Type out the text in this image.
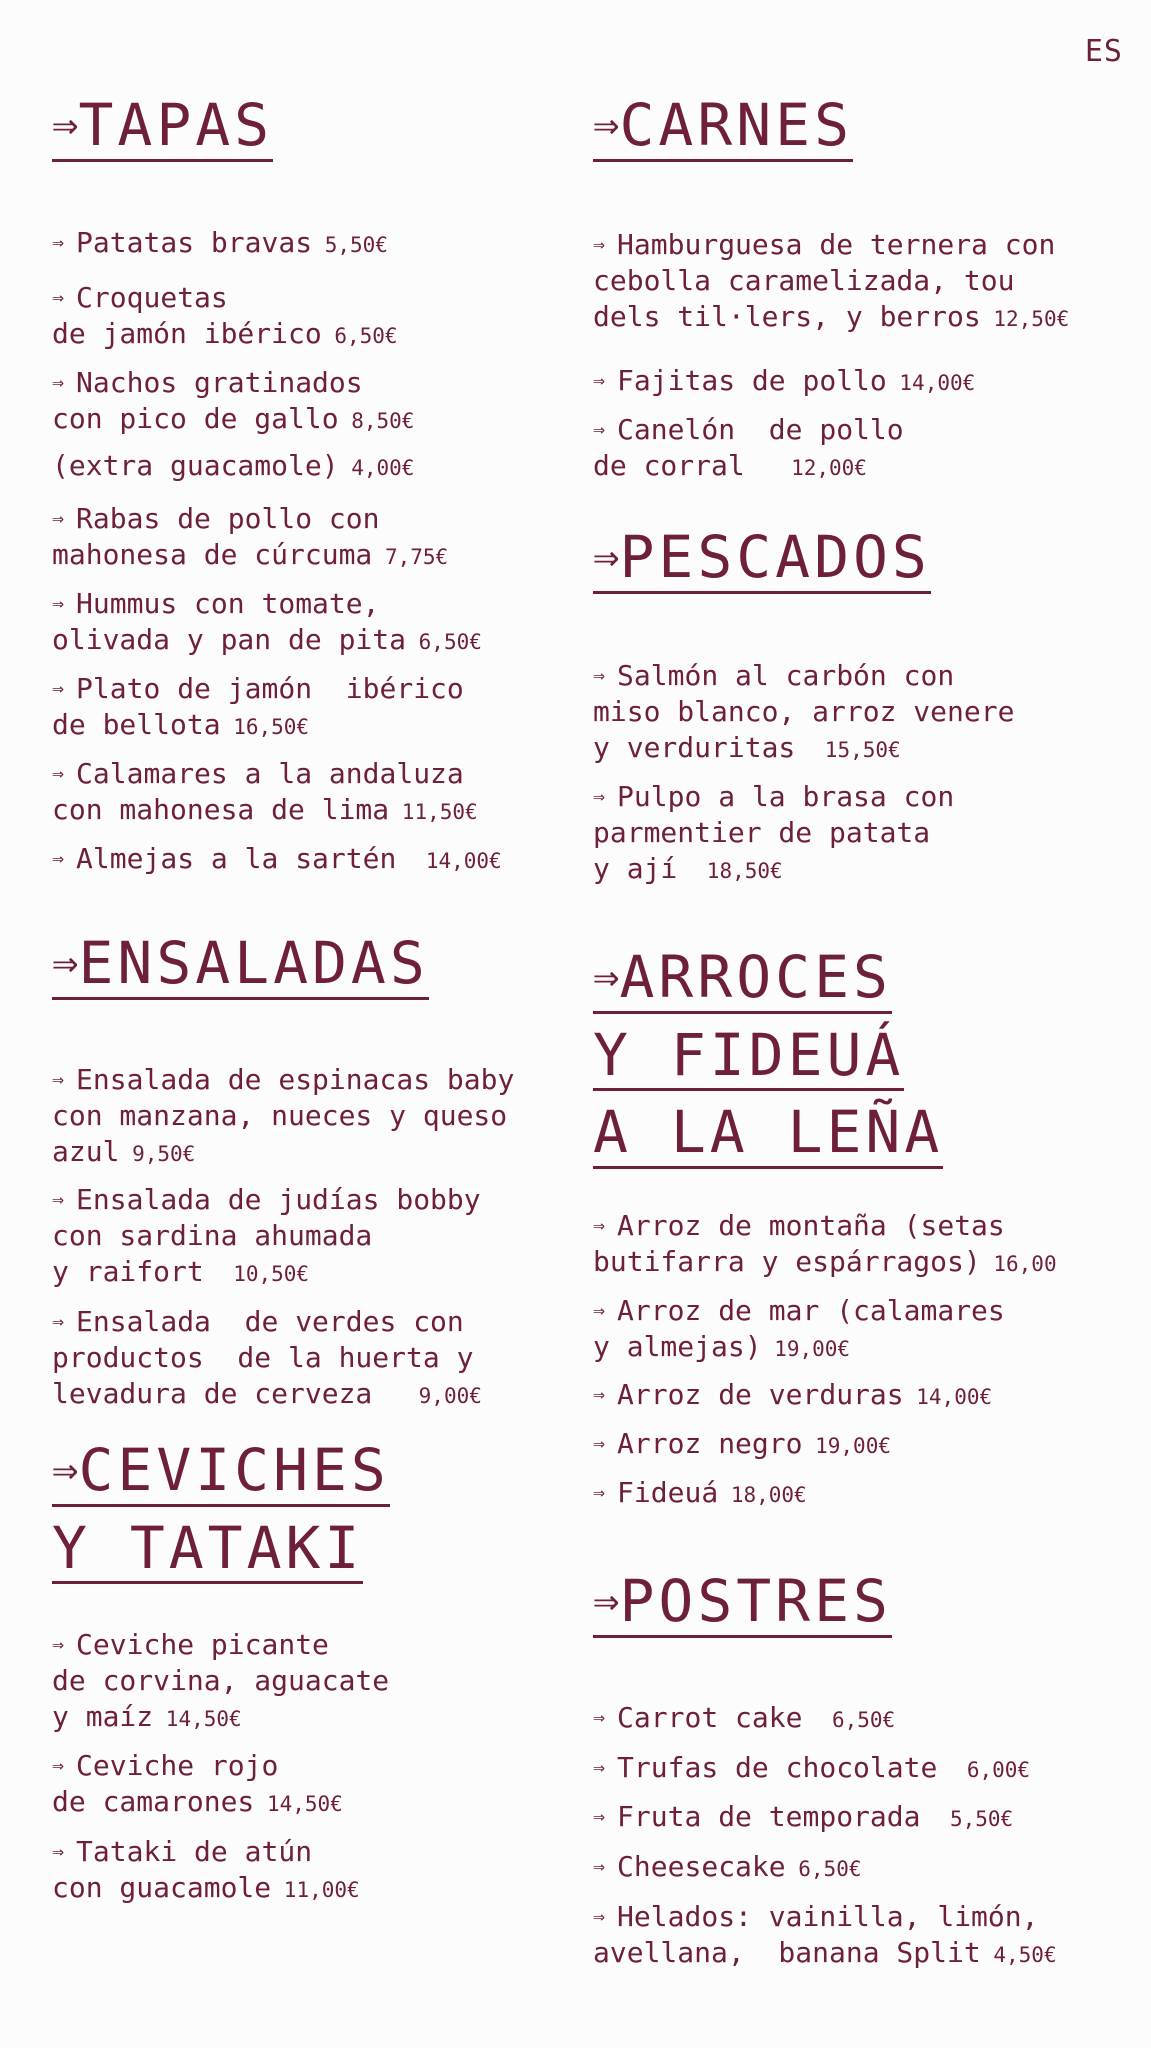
ES
⇒TAPAS
⇒ Patatas bravas 5,50€
⇒ Croquetas
de jamón ibérico 6,50€
⇒ Nachos gratinados
con pico de gallo 8,50€
(extra guacamole) 4,00€
⇒ Rabas de pollo con
mahonesa de cúrcuma 7,75€
⇒ Hummus con tomate,
olivada y pan de pita 6,50€
⇒ Plato de jamón  ibérico
de bellota 16,50€
⇒ Calamares a la andaluza
con mahonesa de lima 11,50€
⇒ Almejas a la sartén  14,00€
⇒ENSALADAS
⇒ Ensalada de espinacas baby
con manzana, nueces y queso
azul 9,50€
⇒ Ensalada de judías bobby
con sardina ahumada
y raifort  10,50€
⇒ Ensalada  de verdes con
productos  de la huerta y
levadura de cerveza   9,00€
⇒CEVICHES
Y TATAKI
⇒ Ceviche picante
de corvina, aguacate
y maíz 14,50€
⇒ Ceviche rojo
de camarones 14,50€
⇒ Tataki de atún
con guacamole 11,00€
⇒CARNES
⇒ Hamburguesa de ternera con
cebolla caramelizada, tou
dels til·lers, y berros 12,50€
⇒ Fajitas de pollo 14,00€
⇒ Canelón  de pollo
de corral   12,00€
⇒PESCADOS
⇒ Salmón al carbón con
miso blanco, arroz venere
y verduritas  15,50€
⇒ Pulpo a la brasa con
parmentier de patata
y ají  18,50€
⇒ARROCES
Y FIDEUÁ
A LA LEÑA
⇒ Arroz de montaña (setas
butifarra y espárragos) 16,00
⇒ Arroz de mar (calamares
y almejas) 19,00€
⇒ Arroz de verduras 14,00€
⇒ Arroz negro 19,00€
⇒ Fideuá 18,00€
⇒POSTRES
⇒ Carrot cake  6,50€
⇒ Trufas de chocolate  6,00€
⇒ Fruta de temporada  5,50€
⇒ Cheesecake 6,50€
⇒ Helados: vainilla, limón,
avellana,  banana Split 4,50€
